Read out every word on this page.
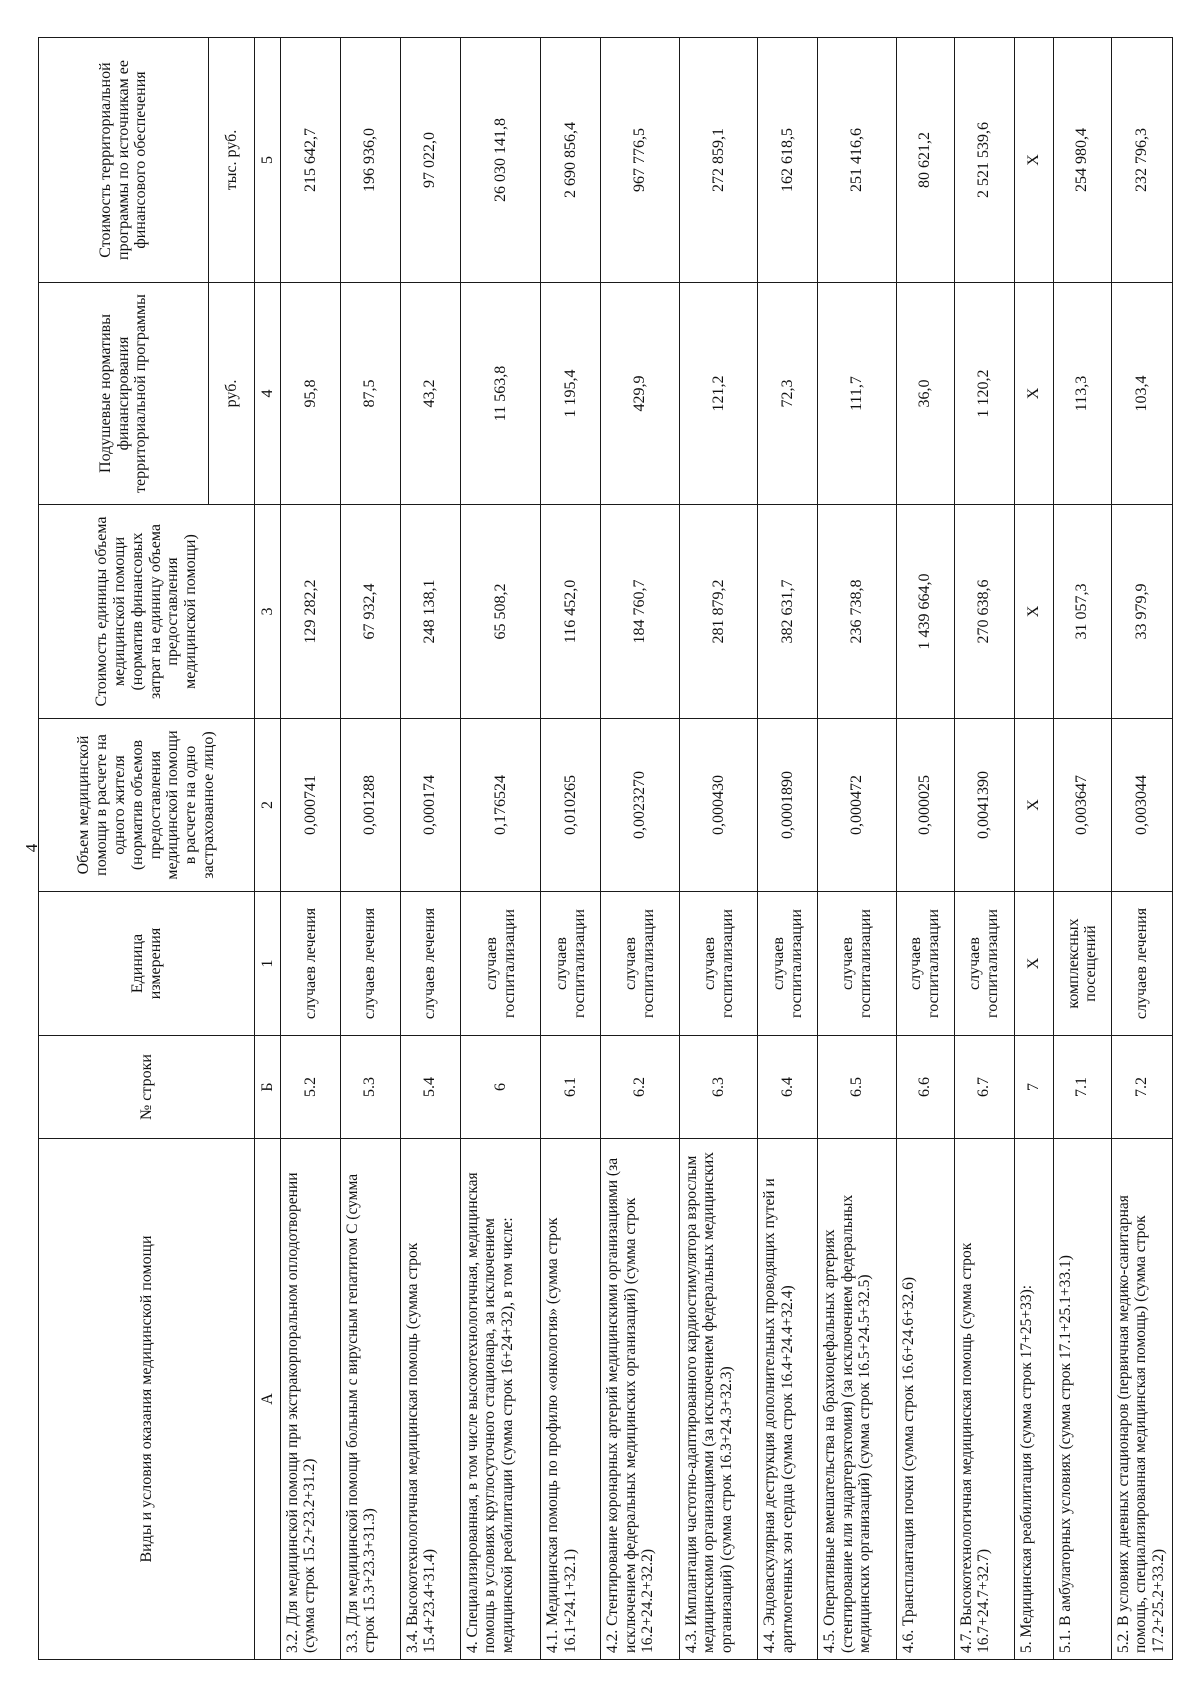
4
Виды и условия оказания медицинской помощи	№ строки	Единица измерения	Объем медицинской помощи в расчете на одного жителя (норматив объемов предоставления медицинской помощи в расчете на одно застрахованное лицо)	Стоимость единицы объема медицинской помощи (норматив финансовых затрат на единицу объема предоставления медицинской помощи)	Подушевые нормативы финансирования территориальной программы	Стоимость территориальной программы по источникам ее финансового обеспечения
					руб.	тыс. руб.
А	Б	1	2	3	4	5
3.2. Для медицинской помощи при экстракорпоральном оплодотворении (сумма строк 15.2+23.2+31.2)	5.2	случаев лечения	0,000741	129 282,2	95,8	215 642,7
3.3. Для медицинской помощи больным с вирусным гепатитом С (сумма строк 15.3+23.3+31.3)	5.3	случаев лечения	0,001288	67 932,4	87,5	196 936,0
3.4. Высокотехнологичная медицинская помощь (сумма строк 15.4+23.4+31.4)	5.4	случаев лечения	0,000174	248 138,1	43,2	97 022,0
4. Специализированная, в том числе высокотехнологичная, медицинская помощь в условиях круглосуточного стационара, за исключением медицинской реабилитации (сумма строк 16+24+32), в том числе:	6	случаев госпитализации	0,176524	65 508,2	11 563,8	26 030 141,8
4.1. Медицинская помощь по профилю «онкология» (сумма строк 16.1+24.1+32.1)	6.1	случаев госпитализации	0,010265	116 452,0	1 195,4	2 690 856,4
4.2. Стентирование коронарных артерий медицинскими организациями (за исключением федеральных медицинских организаций) (сумма строк 16.2+24.2+32.2)	6.2	случаев госпитализации	0,0023270	184 760,7	429,9	967 776,5
4.3. Имплантация частотно-адаптированного кардиостимулятора взрослым медицинскими организациями (за исключением федеральных медицинских организаций) (сумма строк 16.3+24.3+32.3)	6.3	случаев госпитализации	0,000430	281 879,2	121,2	272 859,1
4.4. Эндоваскулярная деструкция дополнительных проводящих путей и аритмогенных зон сердца (сумма строк 16.4+24.4+32.4)	6.4	случаев госпитализации	0,0001890	382 631,7	72,3	162 618,5
4.5. Оперативные вмешательства на брахиоцефальных артериях (стентирование или эндартерэктомия) (за исключением федеральных медицинских организаций) (сумма строк 16.5+24.5+32.5)	6.5	случаев госпитализации	0,000472	236 738,8	111,7	251 416,6
4.6. Трансплантация почки (сумма строк 16.6+24.6+32.6)	6.6	случаев госпитализации	0,000025	1 439 664,0	36,0	80 621,2
4.7. Высокотехнологичная медицинская помощь (сумма строк 16.7+24.7+32.7)	6.7	случаев госпитализации	0,0041390	270 638,6	1 120,2	2 521 539,6
5. Медицинская реабилитация (сумма строк 17+25+33):	7	X	X	X	X	X
5.1. В амбулаторных условиях (сумма строк 17.1+25.1+33.1)	7.1	комплексных посещений	0,003647	31 057,3	113,3	254 980,4
5.2. В условиях дневных стационаров (первичная медико-санитарная помощь, специализированная медицинская помощь) (сумма строк 17.2+25.2+33.2)	7.2	случаев лечения	0,003044	33 979,9	103,4	232 796,3
